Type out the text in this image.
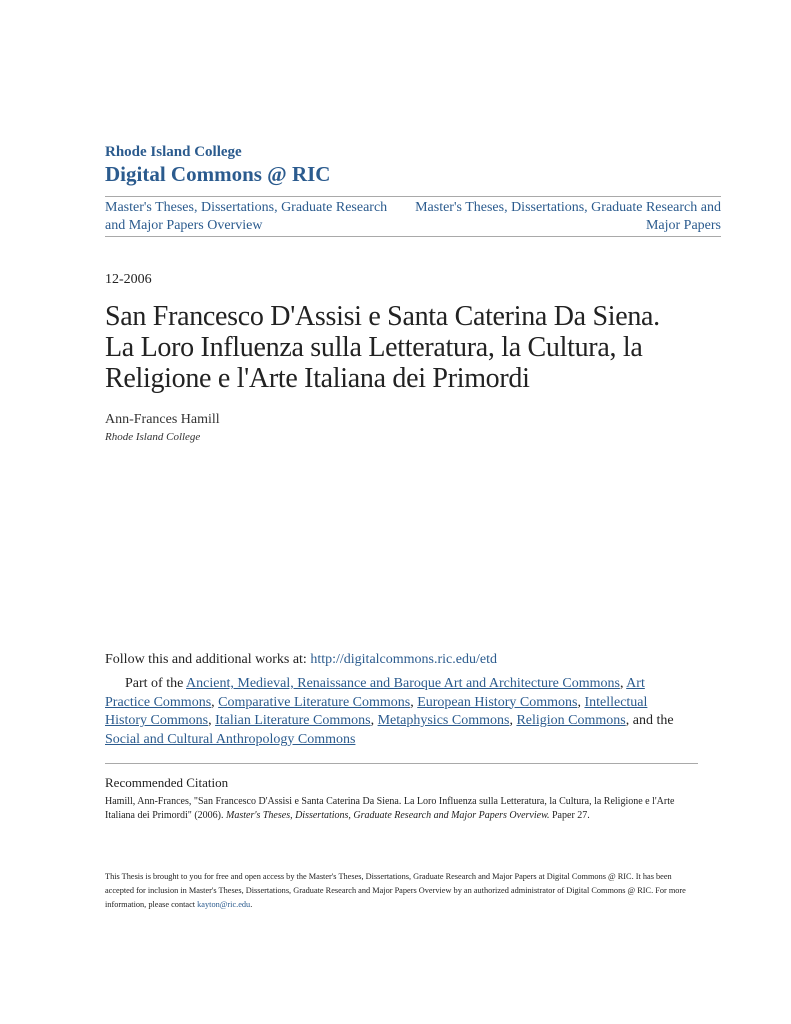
Rhode Island College
Digital Commons @ RIC
Master's Theses, Dissertations, Graduate Research and Major Papers Overview
Master's Theses, Dissertations, Graduate Research and Major Papers
12-2006
San Francesco D'Assisi e Santa Caterina Da Siena.
La Loro Influenza sulla Letteratura, la Cultura, la
Religione e l'Arte Italiana dei Primordi
Ann-Frances Hamill
Rhode Island College
Follow this and additional works at: http://digitalcommons.ric.edu/etd
Part of the Ancient, Medieval, Renaissance and Baroque Art and Architecture Commons, Art Practice Commons, Comparative Literature Commons, European History Commons, Intellectual History Commons, Italian Literature Commons, Metaphysics Commons, Religion Commons, and the Social and Cultural Anthropology Commons
Recommended Citation
Hamill, Ann-Frances, "San Francesco D'Assisi e Santa Caterina Da Siena. La Loro Influenza sulla Letteratura, la Cultura, la Religione e l'Arte Italiana dei Primordi" (2006). Master's Theses, Dissertations, Graduate Research and Major Papers Overview. Paper 27.
This Thesis is brought to you for free and open access by the Master's Theses, Dissertations, Graduate Research and Major Papers at Digital Commons @ RIC. It has been accepted for inclusion in Master's Theses, Dissertations, Graduate Research and Major Papers Overview by an authorized administrator of Digital Commons @ RIC. For more information, please contact kayton@ric.edu.
